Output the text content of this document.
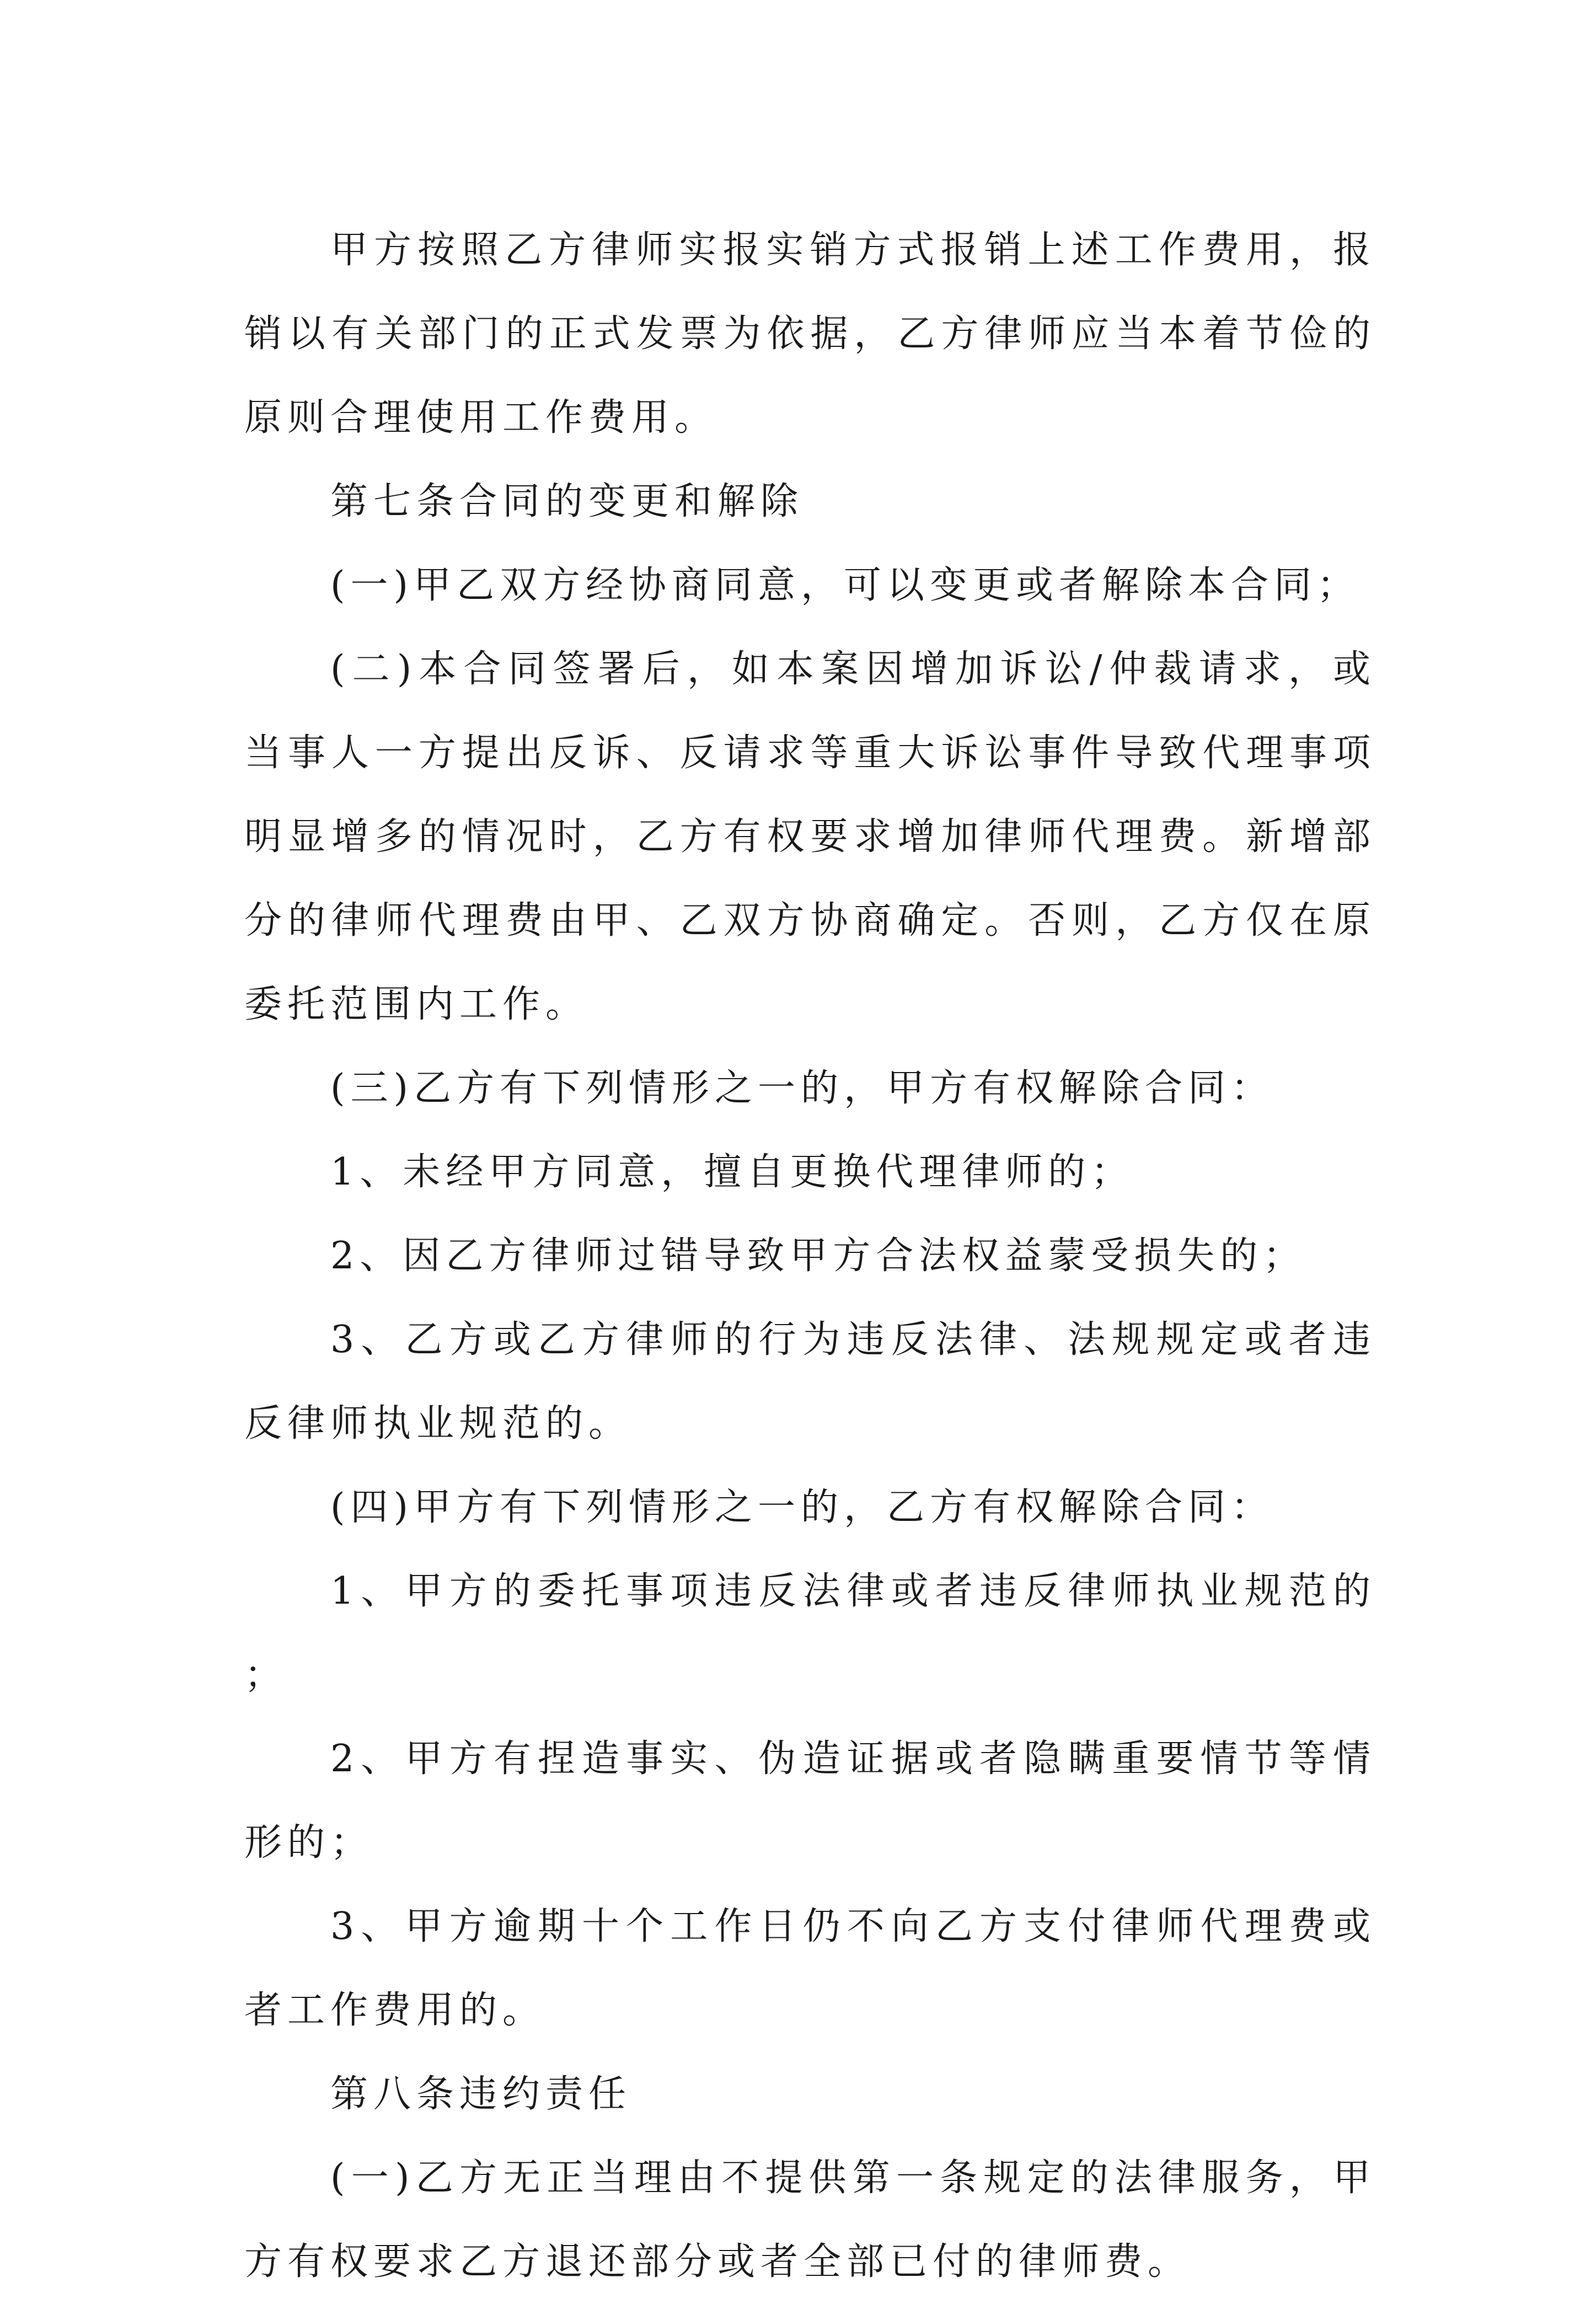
甲方按照乙方律师实报实销方式报销上述工作费用，报销以有关部门的正式发票为依据，乙方律师应当本着节俭的原则合理使用工作费用。

第七条合同的变更和解除

(一)甲乙双方经协商同意，可以变更或者解除本合同；

(二)本合同签署后，如本案因增加诉讼/仲裁请求，或当事人一方提出反诉、反请求等重大诉讼事件导致代理事项明显增多的情况时，乙方有权要求增加律师代理费。新增部分的律师代理费由甲、乙双方协商确定。否则，乙方仅在原委托范围内工作。

(三)乙方有下列情形之一的，甲方有权解除合同：

1、未经甲方同意，擅自更换代理律师的；

2、因乙方律师过错导致甲方合法权益蒙受损失的；

3、乙方或乙方律师的行为违反法律、法规规定或者违反律师执业规范的。

(四)甲方有下列情形之一的，乙方有权解除合同：

1、甲方的委托事项违反法律或者违反律师执业规范的；

2、甲方有捏造事实、伪造证据或者隐瞒重要情节等情形的；

3、甲方逾期十个工作日仍不向乙方支付律师代理费或者工作费用的。

第八条违约责任

(一)乙方无正当理由不提供第一条规定的法律服务，甲方有权要求乙方退还部分或者全部已付的律师费。
